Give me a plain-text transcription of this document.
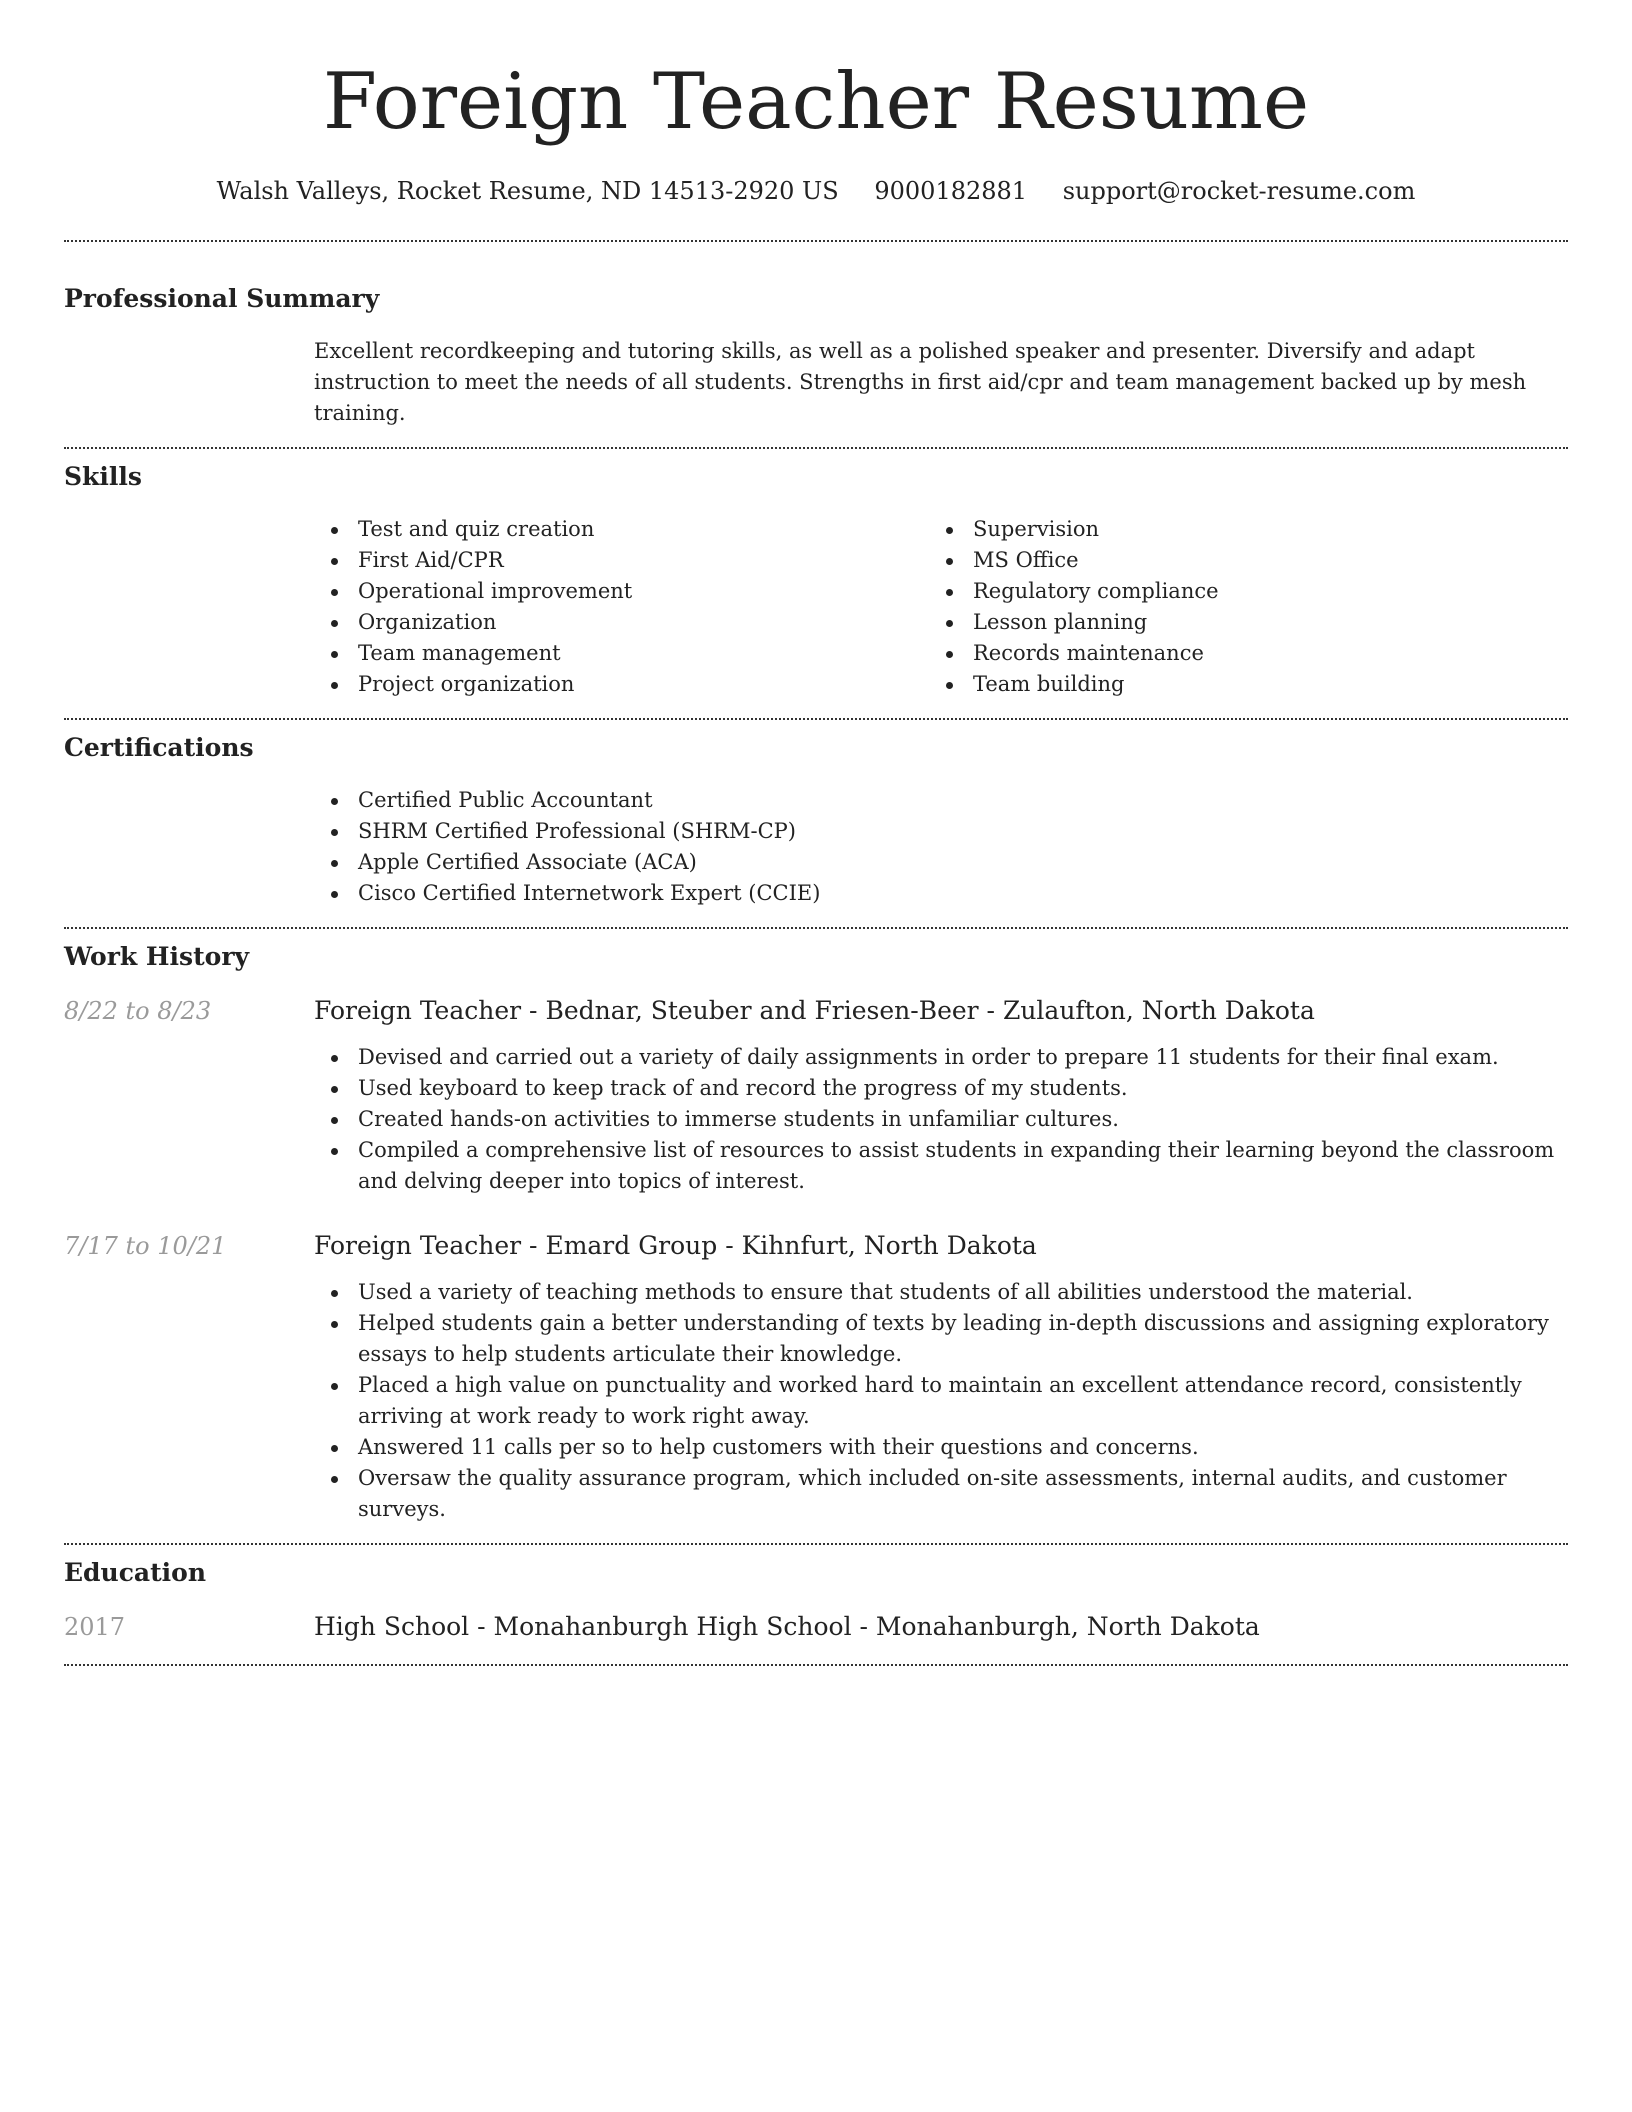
Foreign Teacher Resume
Walsh Valleys, Rocket Resume, ND 14513-2920 US 9000182881 support@rocket-resume.com
Professional Summary

Excellent recordkeeping and tutoring skills, as well as a polished speaker and presenter. Diversify and adapt instruction to meet the needs of all students. Strengths in first aid/cpr and team management backed up by mesh training.

Skills
Test and quiz creation
First Aid/CPR
Operational improvement
Organization
Team management
Project organization
Supervision
MS Office
Regulatory compliance
Lesson planning
Records maintenance
Team building
Certifications
Certified Public Accountant
SHRM Certified Professional (SHRM-CP)
Apple Certified Associate (ACA)
Cisco Certified Internetwork Expert (CCIE)
Work History
8/22 to 8/23	Foreign Teacher - Bednar, Steuber and Friesen-Beer - Zulaufton, North Dakota
Devised and carried out a variety of daily assignments in order to prepare 11 students for their final exam.
Used keyboard to keep track of and record the progress of my students.
Created hands-on activities to immerse students in unfamiliar cultures.
Compiled a comprehensive list of resources to assist students in expanding their learning beyond the classroom and delving deeper into topics of interest.
7/17 to 10/21	Foreign Teacher - Emard Group - Kihnfurt, North Dakota
Used a variety of teaching methods to ensure that students of all abilities understood the material.
Helped students gain a better understanding of texts by leading in-depth discussions and assigning exploratory essays to help students articulate their knowledge.
Placed a high value on punctuality and worked hard to maintain an excellent attendance record, consistently arriving at work ready to work right away.
Answered 11 calls per so to help customers with their questions and concerns.
Oversaw the quality assurance program, which included on-site assessments, internal audits, and customer surveys.
Education
2017	High School - Monahanburgh High School - Monahanburgh, North Dakota
